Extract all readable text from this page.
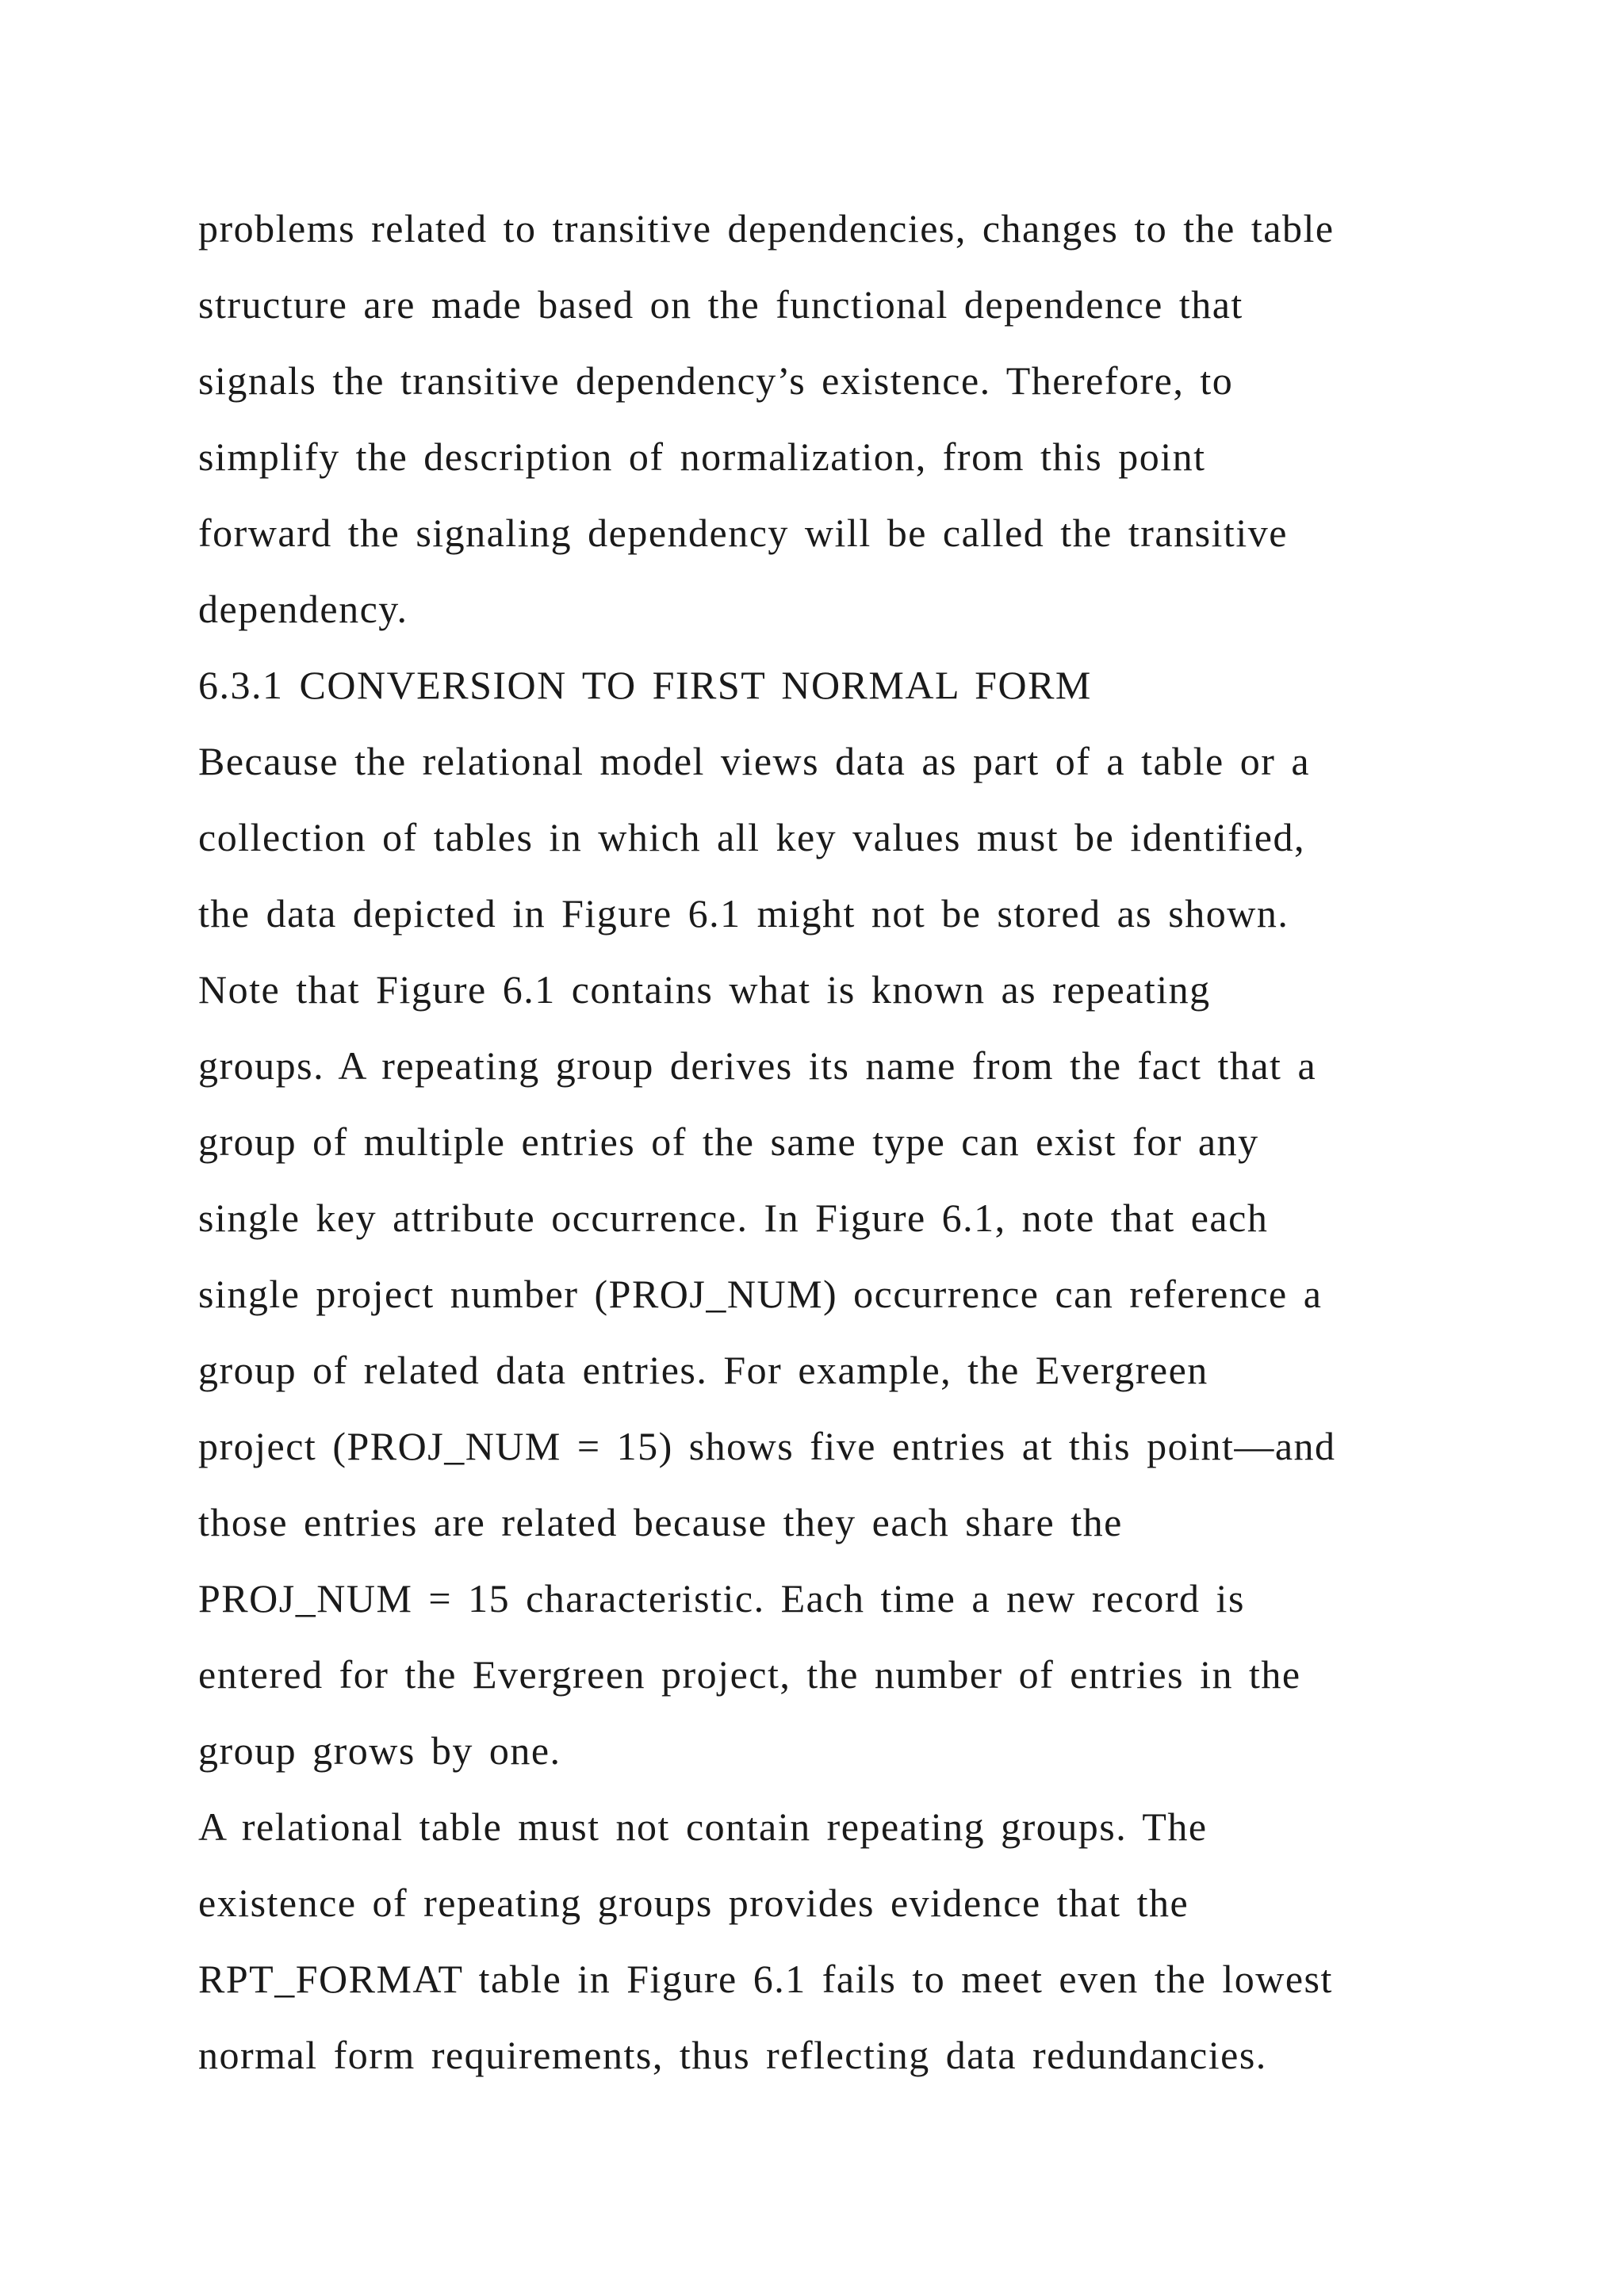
problems related to transitive dependencies, changes to the table
structure are made based on the functional dependence that
signals the transitive dependency’s existence. Therefore, to
simplify the description of normalization, from this point
forward the signaling dependency will be called the transitive
dependency.
6.3.1 CONVERSION TO FIRST NORMAL FORM
Because the relational model views data as part of a table or a
collection of tables in which all key values must be identified,
the data depicted in Figure 6.1 might not be stored as shown.
Note that Figure 6.1 contains what is known as repeating
groups. A repeating group derives its name from the fact that a
group of multiple entries of the same type can exist for any
single key attribute occurrence. In Figure 6.1, note that each
single project number (PROJ_NUM) occurrence can reference a
group of related data entries. For example, the Evergreen
project (PROJ_NUM = 15) shows five entries at this point—and
those entries are related because they each share the
PROJ_NUM = 15 characteristic. Each time a new record is
entered for the Evergreen project, the number of entries in the
group grows by one.
A relational table must not contain repeating groups. The
existence of repeating groups provides evidence that the
RPT_FORMAT table in Figure 6.1 fails to meet even the lowest
normal form requirements, thus reflecting data redundancies.
